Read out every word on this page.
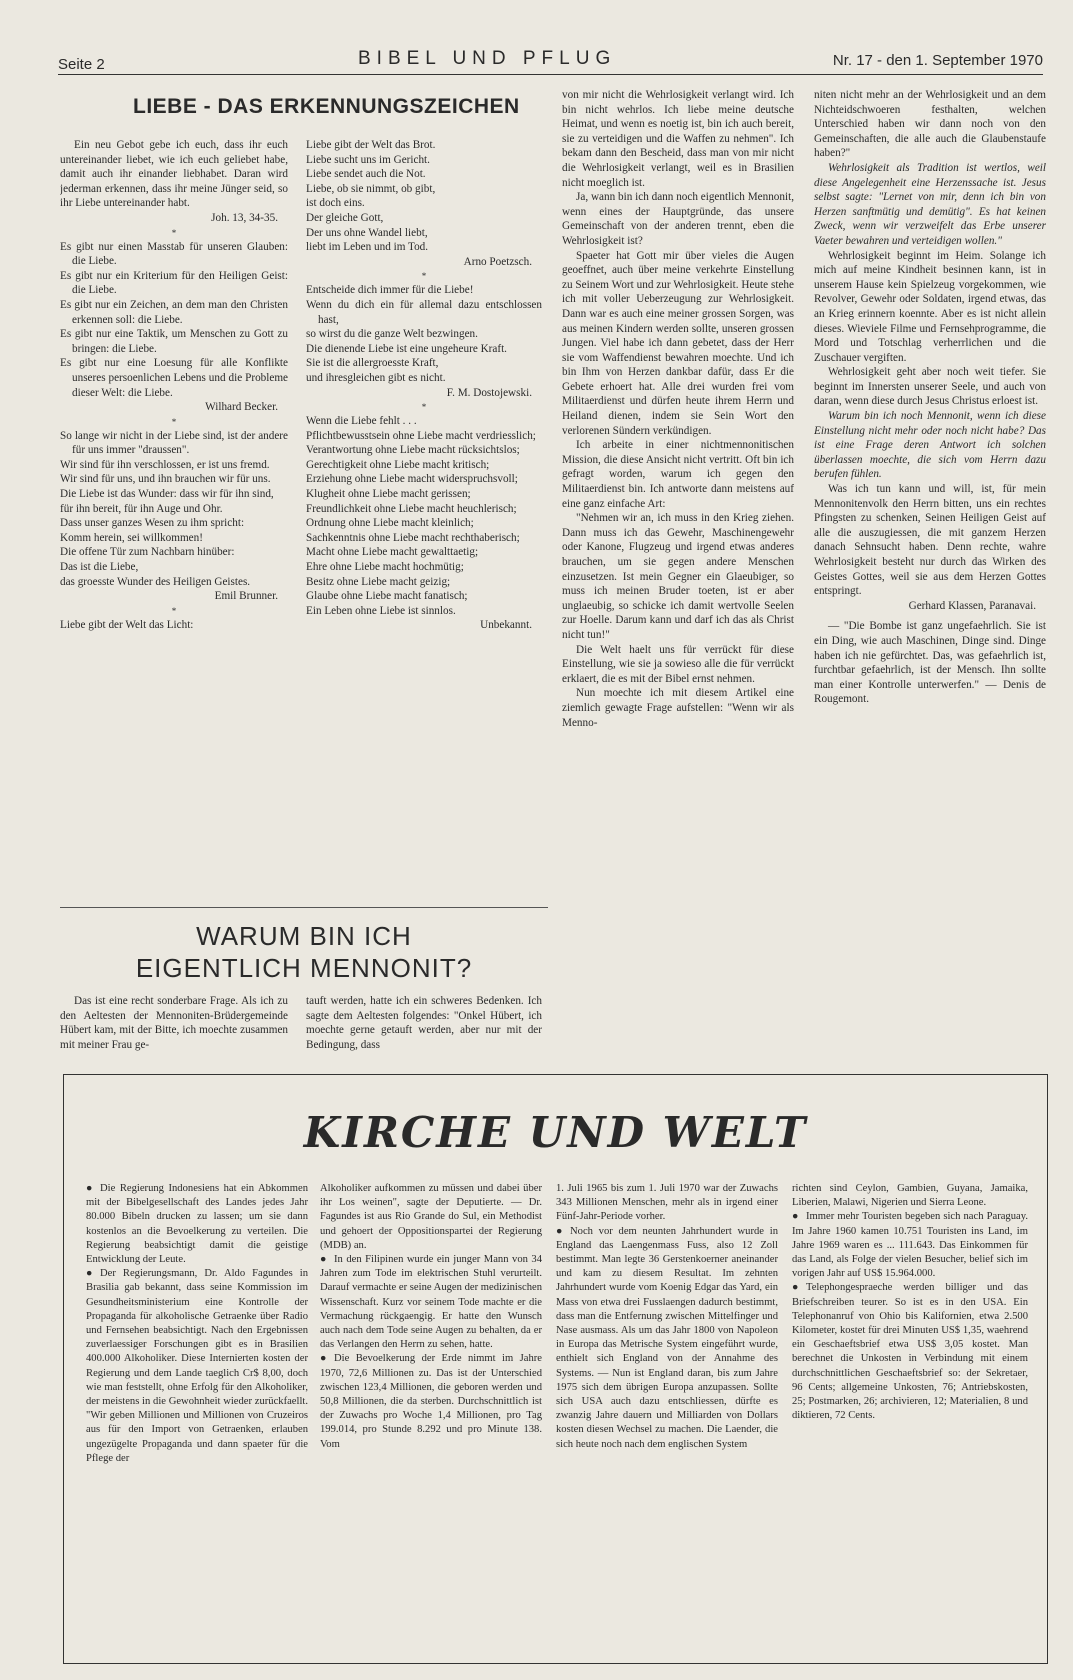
Seite 2	BIBEL UND PFLUG	Nr. 17 - den 1. September 1970
LIEBE - DAS ERKENNUNGSZEICHEN

Ein neu Gebot gebe ich euch, dass ihr euch untereinander liebet, wie ich euch geliebet habe, damit auch ihr einander liebhabet. Daran wird jederman erkennen, dass ihr meine Jünger seid, so ihr Liebe untereinander habt.

Joh. 13, 34-35.

*

Es gibt nur einen Masstab für unseren Glauben: die Liebe.

Es gibt nur ein Kriterium für den Heiligen Geist: die Liebe.

Es gibt nur ein Zeichen, an dem man den Christen erkennen soll: die Liebe.

Es gibt nur eine Taktik, um Menschen zu Gott zu bringen: die Liebe.

Es gibt nur eine Loesung für alle Konflikte unseres persoenlichen Lebens und die Probleme dieser Welt: die Liebe.

Wilhard Becker.

*

So lange wir nicht in der Liebe sind, ist der andere für uns immer "draussen".

Wir sind für ihn verschlossen, er ist uns fremd.

Wir sind für uns, und ihn brauchen wir für uns.

Die Liebe ist das Wunder: dass wir für ihn sind,

für ihn bereit, für ihn Auge und Ohr.

Dass unser ganzes Wesen zu ihm spricht:

Komm herein, sei willkommen!

Die offene Tür zum Nachbarn hinüber:

Das ist die Liebe,

das groesste Wunder des Heiligen Geistes.

Emil Brunner.

*

Liebe gibt der Welt das Licht:

Liebe gibt der Welt das Brot.

Liebe sucht uns im Gericht.

Liebe sendet auch die Not.

Liebe, ob sie nimmt, ob gibt,

ist doch eins.

Der gleiche Gott,

Der uns ohne Wandel liebt,

liebt im Leben und im Tod.

Arno Poetzsch.

*

Entscheide dich immer für die Liebe!

Wenn du dich ein für allemal dazu entschlossen hast,

so wirst du die ganze Welt bezwingen.

Die dienende Liebe ist eine ungeheure Kraft.

Sie ist die allergroesste Kraft,

und ihresgleichen gibt es nicht.

F. M. Dostojewski.

*

Wenn die Liebe fehlt . . .

Pflichtbewusstsein ohne Liebe macht verdriesslich;

Verantwortung ohne Liebe macht rücksichtslos;

Gerechtigkeit ohne Liebe macht kritisch;

Erziehung ohne Liebe macht widerspruchsvoll;

Klugheit ohne Liebe macht gerissen;

Freundlichkeit ohne Liebe macht heuchlerisch;

Ordnung ohne Liebe macht kleinlich;

Sachkenntnis ohne Liebe macht rechthaberisch;

Macht ohne Liebe macht gewalttaetig;

Ehre ohne Liebe macht hochmütig;

Besitz ohne Liebe macht geizig;

Glaube ohne Liebe macht fanatisch;

Ein Leben ohne Liebe ist sinnlos.

Unbekannt.

WARUM BIN ICH
EIGENTLICH MENNONIT?

Das ist eine recht sonderbare Frage. Als ich zu den Aeltesten der Mennoniten-Brüdergemeinde Hübert kam, mit der Bitte, ich moechte zusammen mit meiner Frau ge-

tauft werden, hatte ich ein schweres Bedenken. Ich sagte dem Aeltesten folgendes: "Onkel Hübert, ich moechte gerne getauft werden, aber nur mit der Bedingung, dass

von mir nicht die Wehrlosigkeit verlangt wird. Ich bin nicht wehrlos. Ich liebe meine deutsche Heimat, und wenn es noetig ist, bin ich auch bereit, sie zu verteidigen und die Waffen zu nehmen". Ich bekam dann den Bescheid, dass man von mir nicht die Wehrlosigkeit verlangt, weil es in Brasilien nicht moeglich ist.

Ja, wann bin ich dann noch eigentlich Mennonit, wenn eines der Hauptgründe, das unsere Gemeinschaft von der anderen trennt, eben die Wehrlosigkeit ist?

Spaeter hat Gott mir über vieles die Augen geoeffnet, auch über meine verkehrte Einstellung zu Seinem Wort und zur Wehrlosigkeit. Heute stehe ich mit voller Ueberzeugung zur Wehrlosigkeit. Dann war es auch eine meiner grossen Sorgen, was aus meinen Kindern werden sollte, unseren grossen Jungen. Viel habe ich dann gebetet, dass der Herr sie vom Waffendienst bewahren moechte. Und ich bin Ihm von Herzen dankbar dafür, dass Er die Gebete erhoert hat. Alle drei wurden frei vom Militaerdienst und dürfen heute ihrem Herrn und Heiland dienen, indem sie Sein Wort den verlorenen Sündern verkündigen.

Ich arbeite in einer nichtmennonitischen Mission, die diese Ansicht nicht vertritt. Oft bin ich gefragt worden, warum ich gegen den Militaerdienst bin. Ich antworte dann meistens auf eine ganz einfache Art:

"Nehmen wir an, ich muss in den Krieg ziehen. Dann muss ich das Gewehr, Maschinengewehr oder Kanone, Flugzeug und irgend etwas anderes brauchen, um sie gegen andere Menschen einzusetzen. Ist mein Gegner ein Glaeubiger, so muss ich meinen Bruder toeten, ist er aber unglaeubig, so schicke ich damit wertvolle Seelen zur Hoelle. Darum kann und darf ich das als Christ nicht tun!"

Die Welt haelt uns für verrückt für diese Einstellung, wie sie ja sowieso alle die für verrückt erklaert, die es mit der Bibel ernst nehmen.

Nun moechte ich mit diesem Artikel eine ziemlich gewagte Frage aufstellen: "Wenn wir als Menno-

niten nicht mehr an der Wehrlosigkeit und an dem Nichteidschwoeren festhalten, welchen Unterschied haben wir dann noch von den Gemeinschaften, die alle auch die Glaubenstaufe haben?"

Wehrlosigkeit als Tradition ist wertlos, weil diese Angelegenheit eine Herzenssache ist. Jesus selbst sagte: "Lernet von mir, denn ich bin von Herzen sanftmütig und demütig". Es hat keinen Zweck, wenn wir verzweifelt das Erbe unserer Vaeter bewahren und verteidigen wollen."

Wehrlosigkeit beginnt im Heim. Solange ich mich auf meine Kindheit besinnen kann, ist in unserem Hause kein Spielzeug vorgekommen, wie Revolver, Gewehr oder Soldaten, irgend etwas, das an Krieg erinnern koennte. Aber es ist nicht allein dieses. Wieviele Filme und Fernsehprogramme, die Mord und Totschlag verherrlichen und die Zuschauer vergiften.

Wehrlosigkeit geht aber noch weit tiefer. Sie beginnt im Innersten unserer Seele, und auch von daran, wenn diese durch Jesus Christus erloest ist.

Warum bin ich noch Mennonit, wenn ich diese Einstellung nicht mehr oder noch nicht habe? Das ist eine Frage deren Antwort ich solchen überlassen moechte, die sich vom Herrn dazu berufen fühlen.

Was ich tun kann und will, ist, für mein Mennonitenvolk den Herrn bitten, uns ein rechtes Pfingsten zu schenken, Seinen Heiligen Geist auf alle die auszugiessen, die mit ganzem Herzen danach Sehnsucht haben. Denn rechte, wahre Wehrlosigkeit besteht nur durch das Wirken des Geistes Gottes, weil sie aus dem Herzen Gottes entspringt.

Gerhard Klassen, Paranavai.

— "Die Bombe ist ganz ungefaehrlich. Sie ist ein Ding, wie auch Maschinen, Dinge sind. Dinge haben ich nie gefürchtet. Das, was gefaehrlich ist, furchtbar gefaehrlich, ist der Mensch. Ihn sollte man einer Kontrolle unterwerfen." — Denis de Rougemont.

KIRCHE UND WELT

● Die Regierung Indonesiens hat ein Abkommen mit der Bibelgesellschaft des Landes jedes Jahr 80.000 Bibeln drucken zu lassen; um sie dann kostenlos an die Bevoelkerung zu verteilen. Die Regierung beabsichtigt damit die geistige Entwicklung der Leute.

● Der Regierungsmann, Dr. Aldo Fagundes in Brasilia gab bekannt, dass seine Kommission im Gesundheitsministerium eine Kontrolle der Propaganda für alkoholische Getraenke über Radio und Fernsehen beabsichtigt. Nach den Ergebnissen zuverlaessiger Forschungen gibt es in Brasilien 400.000 Alkoholiker. Diese Internierten kosten der Regierung und dem Lande taeglich Cr$ 8,00, doch wie man feststellt, ohne Erfolg für den Alkoholiker, der meistens in die Gewohnheit wieder zurückfaellt. "Wir geben Millionen und Millionen von Cruzeiros aus für den Import von Getraenken, erlauben ungezügelte Propaganda und dann spaeter für die Pflege der

Alkoholiker aufkommen zu müssen und dabei über ihr Los weinen", sagte der Deputierte. — Dr. Fagundes ist aus Rio Grande do Sul, ein Methodist und gehoert der Oppositionspartei der Regierung (MDB) an.

● In den Filipinen wurde ein junger Mann von 34 Jahren zum Tode im elektrischen Stuhl verurteilt. Darauf vermachte er seine Augen der medizinischen Wissenschaft. Kurz vor seinem Tode machte er die Vermachung rückgaengig. Er hatte den Wunsch auch nach dem Tode seine Augen zu behalten, da er das Verlangen den Herrn zu sehen, hatte.

● Die Bevoelkerung der Erde nimmt im Jahre 1970, 72,6 Millionen zu. Das ist der Unterschied zwischen 123,4 Millionen, die geboren werden und 50,8 Millionen, die da sterben. Durchschnittlich ist der Zuwachs pro Woche 1,4 Millionen, pro Tag 199.014, pro Stunde 8.292 und pro Minute 138. Vom

1. Juli 1965 bis zum 1. Juli 1970 war der Zuwachs 343 Millionen Menschen, mehr als in irgend einer Fünf-Jahr-Periode vorher.

● Noch vor dem neunten Jahrhundert wurde in England das Laengenmass Fuss, also 12 Zoll bestimmt. Man legte 36 Gerstenkoerner aneinander und kam zu diesem Resultat. Im zehnten Jahrhundert wurde vom Koenig Edgar das Yard, ein Mass von etwa drei Fusslaengen dadurch bestimmt, dass man die Entfernung zwischen Mittelfinger und Nase ausmass. Als um das Jahr 1800 von Napoleon in Europa das Metrische System eingeführt wurde, enthielt sich England von der Annahme des Systems. — Nun ist England daran, bis zum Jahre 1975 sich dem übrigen Europa anzupassen. Sollte sich USA auch dazu entschliessen, dürfte es zwanzig Jahre dauern und Milliarden von Dollars kosten diesen Wechsel zu machen. Die Laender, die sich heute noch nach dem englischen System

richten sind Ceylon, Gambien, Guyana, Jamaika, Liberien, Malawi, Nigerien und Sierra Leone.

● Immer mehr Touristen begeben sich nach Paraguay. Im Jahre 1960 kamen 10.751 Touristen ins Land, im Jahre 1969 waren es ... 111.643. Das Einkommen für das Land, als Folge der vielen Besucher, belief sich im vorigen Jahr auf US$ 15.964.000.

● Telephongespraeche werden billiger und das Briefschreiben teurer. So ist es in den USA. Ein Telephonanruf von Ohio bis Kalifornien, etwa 2.500 Kilometer, kostet für drei Minuten US$ 1,35, waehrend ein Geschaeftsbrief etwa US$ 3,05 kostet. Man berechnet die Unkosten in Verbindung mit einem durchschnittlichen Geschaeftsbrief so: der Sekretaer, 96 Cents; allgemeine Unkosten, 76; Antriebskosten, 25; Postmarken, 26; archivieren, 12; Materialien, 8 und diktieren, 72 Cents.
